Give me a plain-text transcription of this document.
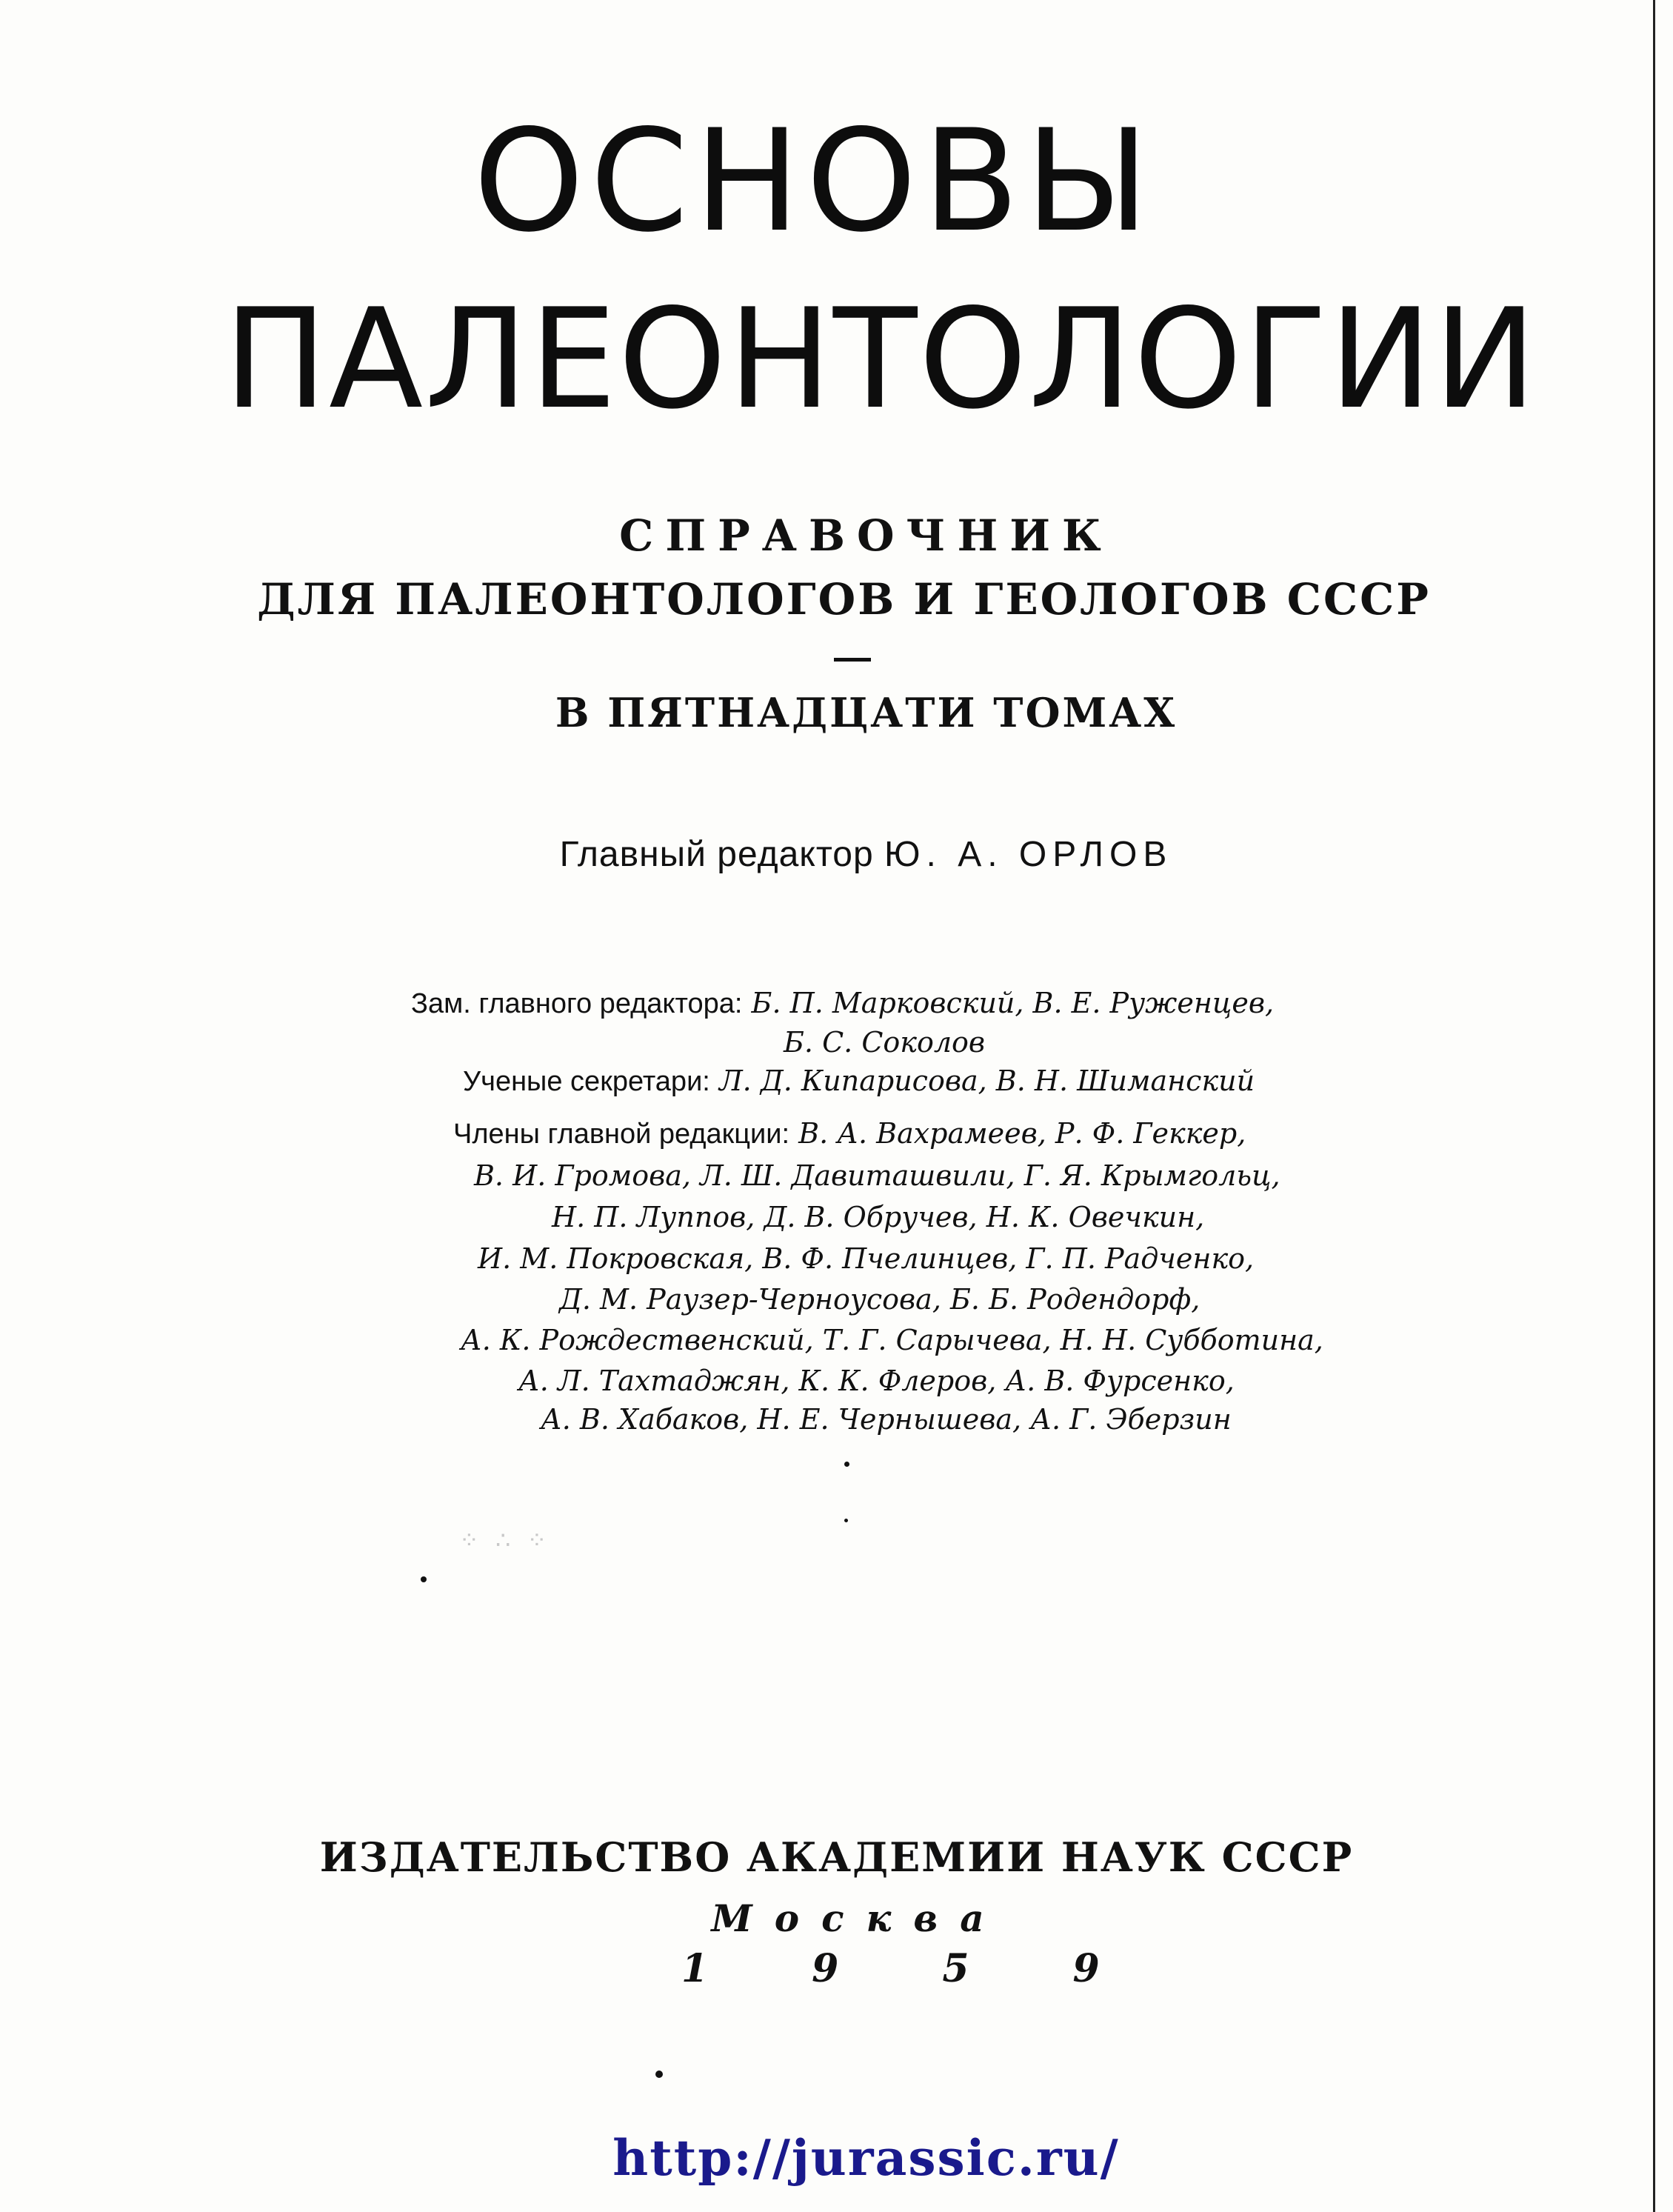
ОСНОВЫ
ПАЛЕОНТОЛОГИИ
СПРАВОЧНИК
ДЛЯ ПАЛЕОНТОЛОГОВ И ГЕОЛОГОВ СССР
В ПЯТНАДЦАТИ ТОМАХ
Главный редактор Ю. А. ОРЛОВ
Зам. главного редактора: Б. П. Марковский, В. Е. Руженцев,
Б. С. Соколов
Ученые секретари: Л. Д. Кипарисова, В. Н. Шиманский
Члены главной редакции: В. А. Вахрамеев, Р. Ф. Геккер,
В. И. Громова, Л. Ш. Давиташвили, Г. Я. Крымгольц,
Н. П. Луппов, Д. В. Обручев, Н. К. Овечкин,
И. М. Покровская, В. Ф. Пчелинцев, Г. П. Радченко,
Д. М. Раузер-Черноусова, Б. Б. Родендорф,
А. К. Рождественский, Т. Г. Сарычева, Н. Н. Субботина,
А. Л. Тахтаджян, К. К. Флеров, А. В. Фурсенко,
А. В. Хабаков, Н. Е. Чернышева, А. Г. Эберзин
⁘ ∴ ⁘
ИЗДАТЕЛЬСТВО АКАДЕМИИ НАУК СССР
Москва
1959
http://jurassic.ru/
